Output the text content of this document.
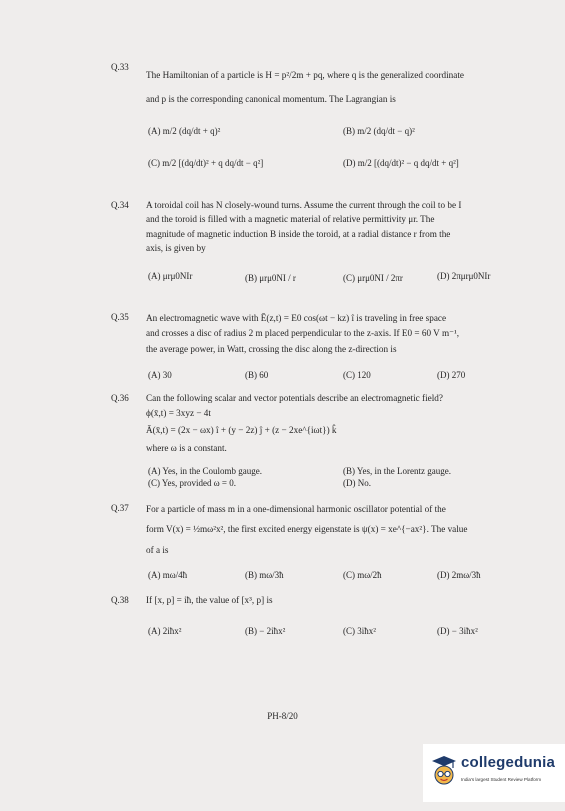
Q.33
The Hamiltonian of a particle is H = p²/2m + pq, where q is the generalized coordinate
and p is the corresponding canonical momentum. The Lagrangian is
(A) m/2 (dq/dt + q)²	(B) m/2 (dq/dt − q)²
(C) m/2 [(dq/dt)² + q dq/dt − q²]	(D) m/2 [(dq/dt)² − q dq/dt + q²]
Q.34 A toroidal coil has N closely-wound turns. Assume the current through the coil to be I
and the toroid is filled with a magnetic material of relative permittivity μr. The
magnitude of magnetic induction B inside the toroid, at a radial distance r from the
axis, is given by
(A) μrμ0NIr	(B) μrμ0NI / r	(C) μrμ0NI / 2πr	(D) 2πμrμ0NIr
Q.35 An electromagnetic wave with Ē(z,t) = E0 cos(ωt − kz) î is traveling in free space
and crosses a disc of radius 2 m placed perpendicular to the z-axis. If E0 = 60 V m⁻¹,
the average power, in Watt, crossing the disc along the z-direction is
(A) 30	(B) 60	(C) 120	(D) 270
Q.36 Can the following scalar and vector potentials describe an electromagnetic field?
ϕ(x̄,t) = 3xyz − 4t
Ā(x̄,t) = (2x − ωx) î + (y − 2z) ĵ + (z − 2xe^{iωt}) k̂
where ω is a constant.
(A) Yes, in the Coulomb gauge.	(B) Yes, in the Lorentz gauge.
(C) Yes, provided ω = 0.	(D) No.
Q.37 For a particle of mass m in a one-dimensional harmonic oscillator potential of the
form V(x) = ½mω²x², the first excited energy eigenstate is ψ(x) = xe^{−ax²}. The value
of a is
(A) mω/4ħ	(B) mω/3ħ	(C) mω/2ħ	(D) 2mω/3ħ
Q.38 If [x, p] = iħ, the value of [x³, p] is
(A) 2iħx²	(B) − 2iħx²	(C) 3iħx²	(D) − 3iħx²
PH-8/20
collegedunia
India's largest Student Review Platform
